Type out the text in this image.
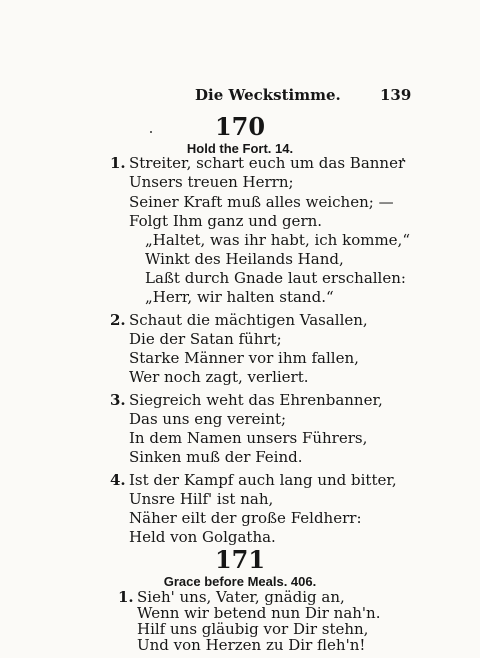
Die Weckstimme.	139
170
Hold the Fort. 14.
1. Streiter, schart euch um das Banner
Unsers treuen Herrn;
Seiner Kraft muß alles weichen; —
Folgt Ihm ganz und gern.
„Haltet, was ihr habt, ich komme,“
Winkt des Heilands Hand,
Laßt durch Gnade laut erschallen:
„Herr, wir halten stand.“
2. Schaut die mächtigen Vasallen,
Die der Satan führt;
Starke Männer vor ihm fallen,
Wer noch zagt, verliert.
3. Siegreich weht das Ehrenbanner,
Das uns eng vereint;
In dem Namen unsers Führers,
Sinken muß der Feind.
4. Ist der Kampf auch lang und bitter,
Unsre Hilf' ist nah,
Näher eilt der große Feldherr:
Held von Golgatha.
171
Grace before Meals. 406.
1. Sieh' uns, Vater, gnädig an,
Wenn wir betend nun Dir nah'n.
Hilf uns gläubig vor Dir stehn,
Und von Herzen zu Dir fleh'n!
